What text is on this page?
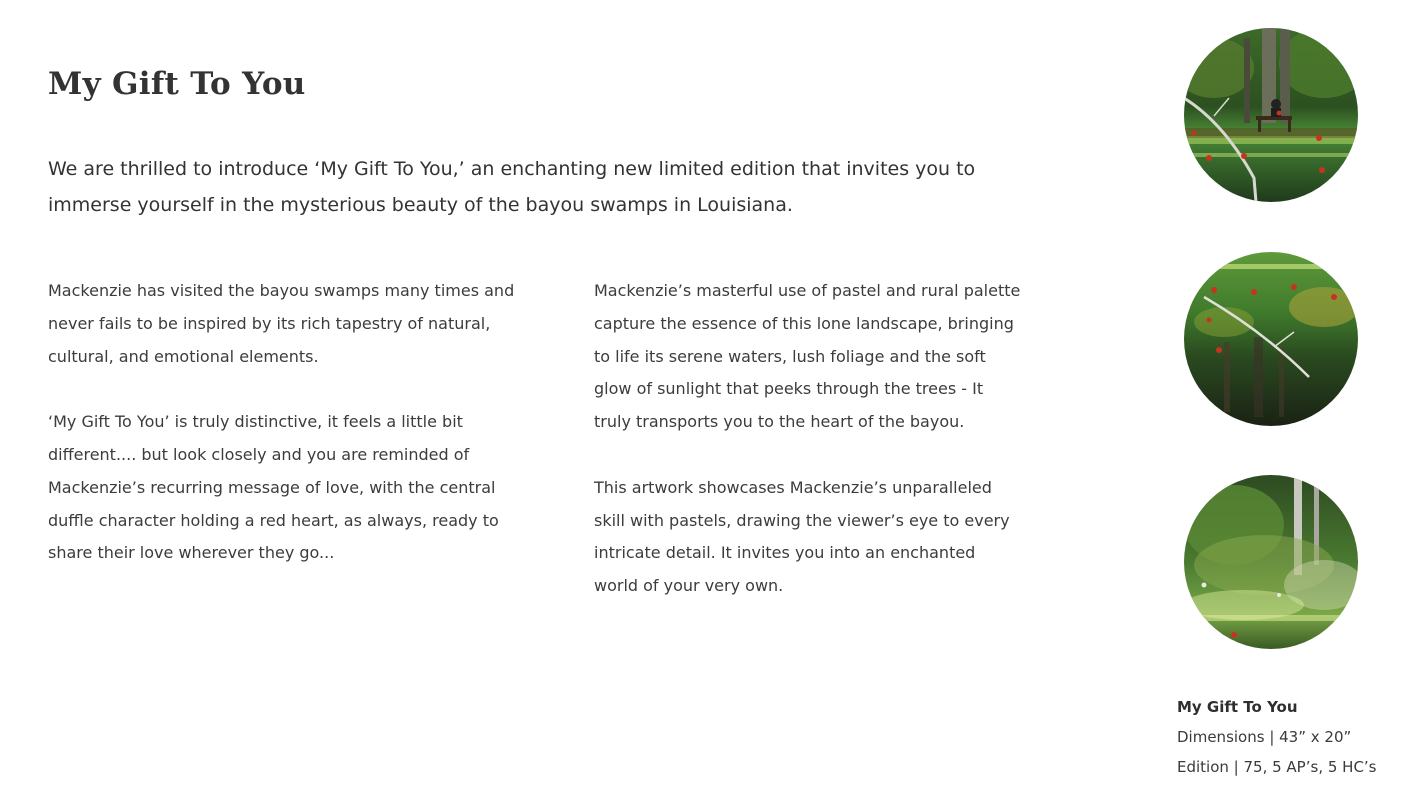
My Gift To You

We are thrilled to introduce ‘My Gift To You,’ an enchanting new limited edition that invites you to immerse yourself in the mysterious beauty of the bayou swamps in Louisiana.

Mackenzie has visited the bayou swamps many times and never fails to be inspired by its rich tapestry of natural, cultural, and emotional elements.

‘My Gift To You’ is truly distinctive, it feels a little bit different.... but look closely and you are reminded of Mackenzie’s recurring message of love, with the central duffle character holding a red heart, as always, ready to share their love wherever they go...

Mackenzie’s masterful use of pastel and rural palette capture the essence of this lone landscape, bringing to life its serene waters, lush foliage and the soft glow of sunlight that peeks through the trees - It truly transports you to the heart of the bayou.

This artwork showcases Mackenzie’s unparalleled skill with pastels, drawing the viewer’s eye to every intricate detail. It invites you into an enchanted world of your very own.

My Gift To You
Dimensions | 43” x 20”
Edition | 75, 5 AP’s, 5 HC’s
